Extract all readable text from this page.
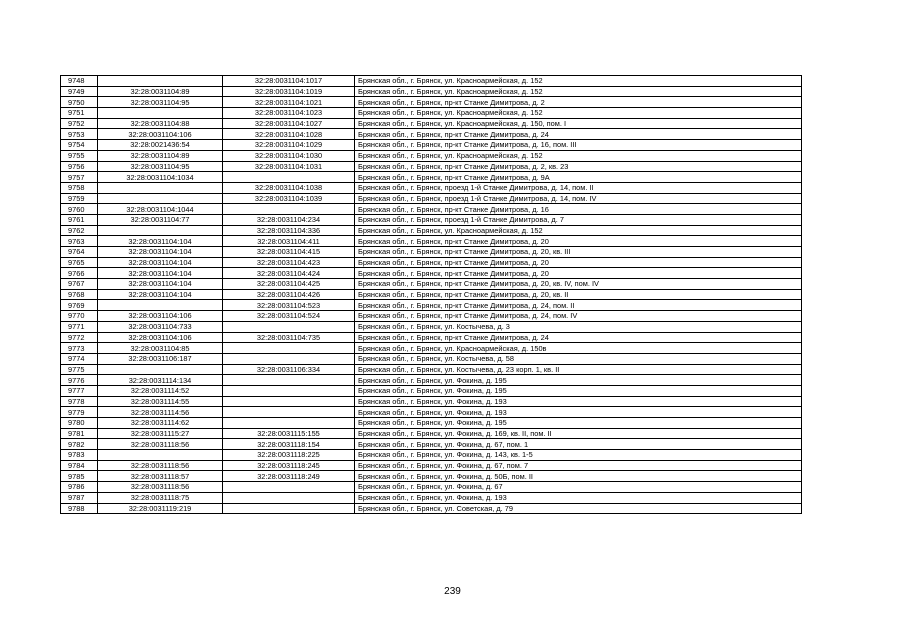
9748		32:28:0031104:1017	Брянская обл., г. Брянск, ул. Красноармейская, д. 152
9749	32:28:0031104:89	32:28:0031104:1019	Брянская обл., г. Брянск, ул. Красноармейская, д. 152
9750	32:28:0031104:95	32:28:0031104:1021	Брянская обл., г. Брянск, пр-кт Станке Димитрова, д. 2
9751		32:28:0031104:1023	Брянская обл., г. Брянск, ул. Красноармейская, д. 152
9752	32:28:0031104:88	32:28:0031104:1027	Брянская обл., г. Брянск, ул. Красноармейская, д. 150, пом. I
9753	32:28:0031104:106	32:28:0031104:1028	Брянская обл., г. Брянск, пр-кт Станке Димитрова, д. 24
9754	32:28:0021436:54	32:28:0031104:1029	Брянская обл., г. Брянск, пр-кт Станке Димитрова, д. 16, пом. III
9755	32:28:0031104:89	32:28:0031104:1030	Брянская обл., г. Брянск, ул. Красноармейская, д. 152
9756	32:28:0031104:95	32:28:0031104:1031	Брянская обл., г. Брянск, пр-кт Станке Димитрова, д. 2, кв. 23
9757	32:28:0031104:1034		Брянская обл., г. Брянск, пр-кт Станке Димитрова, д. 9А
9758		32:28:0031104:1038	Брянская обл., г. Брянск, проезд 1-й Станке Димитрова, д. 14, пом. II
9759		32:28:0031104:1039	Брянская обл., г. Брянск, проезд 1-й Станке Димитрова, д. 14, пом. IV
9760	32:28:0031104:1044		Брянская обл., г. Брянск, пр-кт Станке Димитрова, д. 16
9761	32:28:0031104:77	32:28:0031104:234	Брянская обл., г. Брянск, проезд 1-й Станке Димитрова, д. 7
9762		32:28:0031104:336	Брянская обл., г. Брянск, ул. Красноармейская, д. 152
9763	32:28:0031104:104	32:28:0031104:411	Брянская обл., г. Брянск, пр-кт Станке Димитрова, д. 20
9764	32:28:0031104:104	32:28:0031104:415	Брянская обл., г. Брянск, пр-кт Станке Димитрова, д. 20, кв. III
9765	32:28:0031104:104	32:28:0031104:423	Брянская обл., г. Брянск, пр-кт Станке Димитрова, д. 20
9766	32:28:0031104:104	32:28:0031104:424	Брянская обл., г. Брянск, пр-кт Станке Димитрова, д. 20
9767	32:28:0031104:104	32:28:0031104:425	Брянская обл., г. Брянск, пр-кт Станке Димитрова, д. 20, кв. IV, пом. IV
9768	32:28:0031104:104	32:28:0031104:426	Брянская обл., г. Брянск, пр-кт Станке Димитрова, д. 20, кв. II
9769		32:28:0031104:523	Брянская обл., г. Брянск, пр-кт Станке Димитрова, д. 24, пом. II
9770	32:28:0031104:106	32:28:0031104:524	Брянская обл., г. Брянск, пр-кт Станке Димитрова, д. 24, пом. IV
9771	32:28:0031104:733		Брянская обл., г. Брянск, ул. Костычева, д. 3
9772	32:28:0031104:106	32:28:0031104:735	Брянская обл., г. Брянск, пр-кт Станке Димитрова, д. 24
9773	32:28:0031104:85		Брянская обл., г. Брянск, ул. Красноармейская, д. 150в
9774	32:28:0031106:187		Брянская обл., г. Брянск, ул. Костычева, д. 58
9775		32:28:0031106:334	Брянская обл., г. Брянск, ул. Костычева, д. 23 корп. 1, кв. II
9776	32:28:0031114:134		Брянская обл., г. Брянск, ул. Фокина, д. 195
9777	32:28:0031114:52		Брянская обл., г. Брянск, ул. Фокина, д. 195
9778	32:28:0031114:55		Брянская обл., г. Брянск, ул. Фокина, д. 193
9779	32:28:0031114:56		Брянская обл., г. Брянск, ул. Фокина, д. 193
9780	32:28:0031114:62		Брянская обл., г. Брянск, ул. Фокина, д. 195
9781	32:28:0031115:27	32:28:0031115:155	Брянская обл., г. Брянск, ул. Фокина, д. 169, кв. II, пом. II
9782	32:28:0031118:56	32:28:0031118:154	Брянская обл., г. Брянск, ул. Фокина, д. 67, пом. 1
9783		32:28:0031118:225	Брянская обл., г. Брянск, ул. Фокина, д. 143, кв. 1-5
9784	32:28:0031118:56	32:28:0031118:245	Брянская обл., г. Брянск, ул. Фокина, д. 67, пом. 7
9785	32:28:0031118:57	32:28:0031118:249	Брянская обл., г. Брянск, ул. Фокина, д. 50Б, пом. II
9786	32:28:0031118:56		Брянская обл., г. Брянск, ул. Фокина, д. 67
9787	32:28:0031118:75		Брянская обл., г. Брянск, ул. Фокина, д. 193
9788	32:28:0031119:219		Брянская обл., г. Брянск, ул. Советская, д. 79
239
